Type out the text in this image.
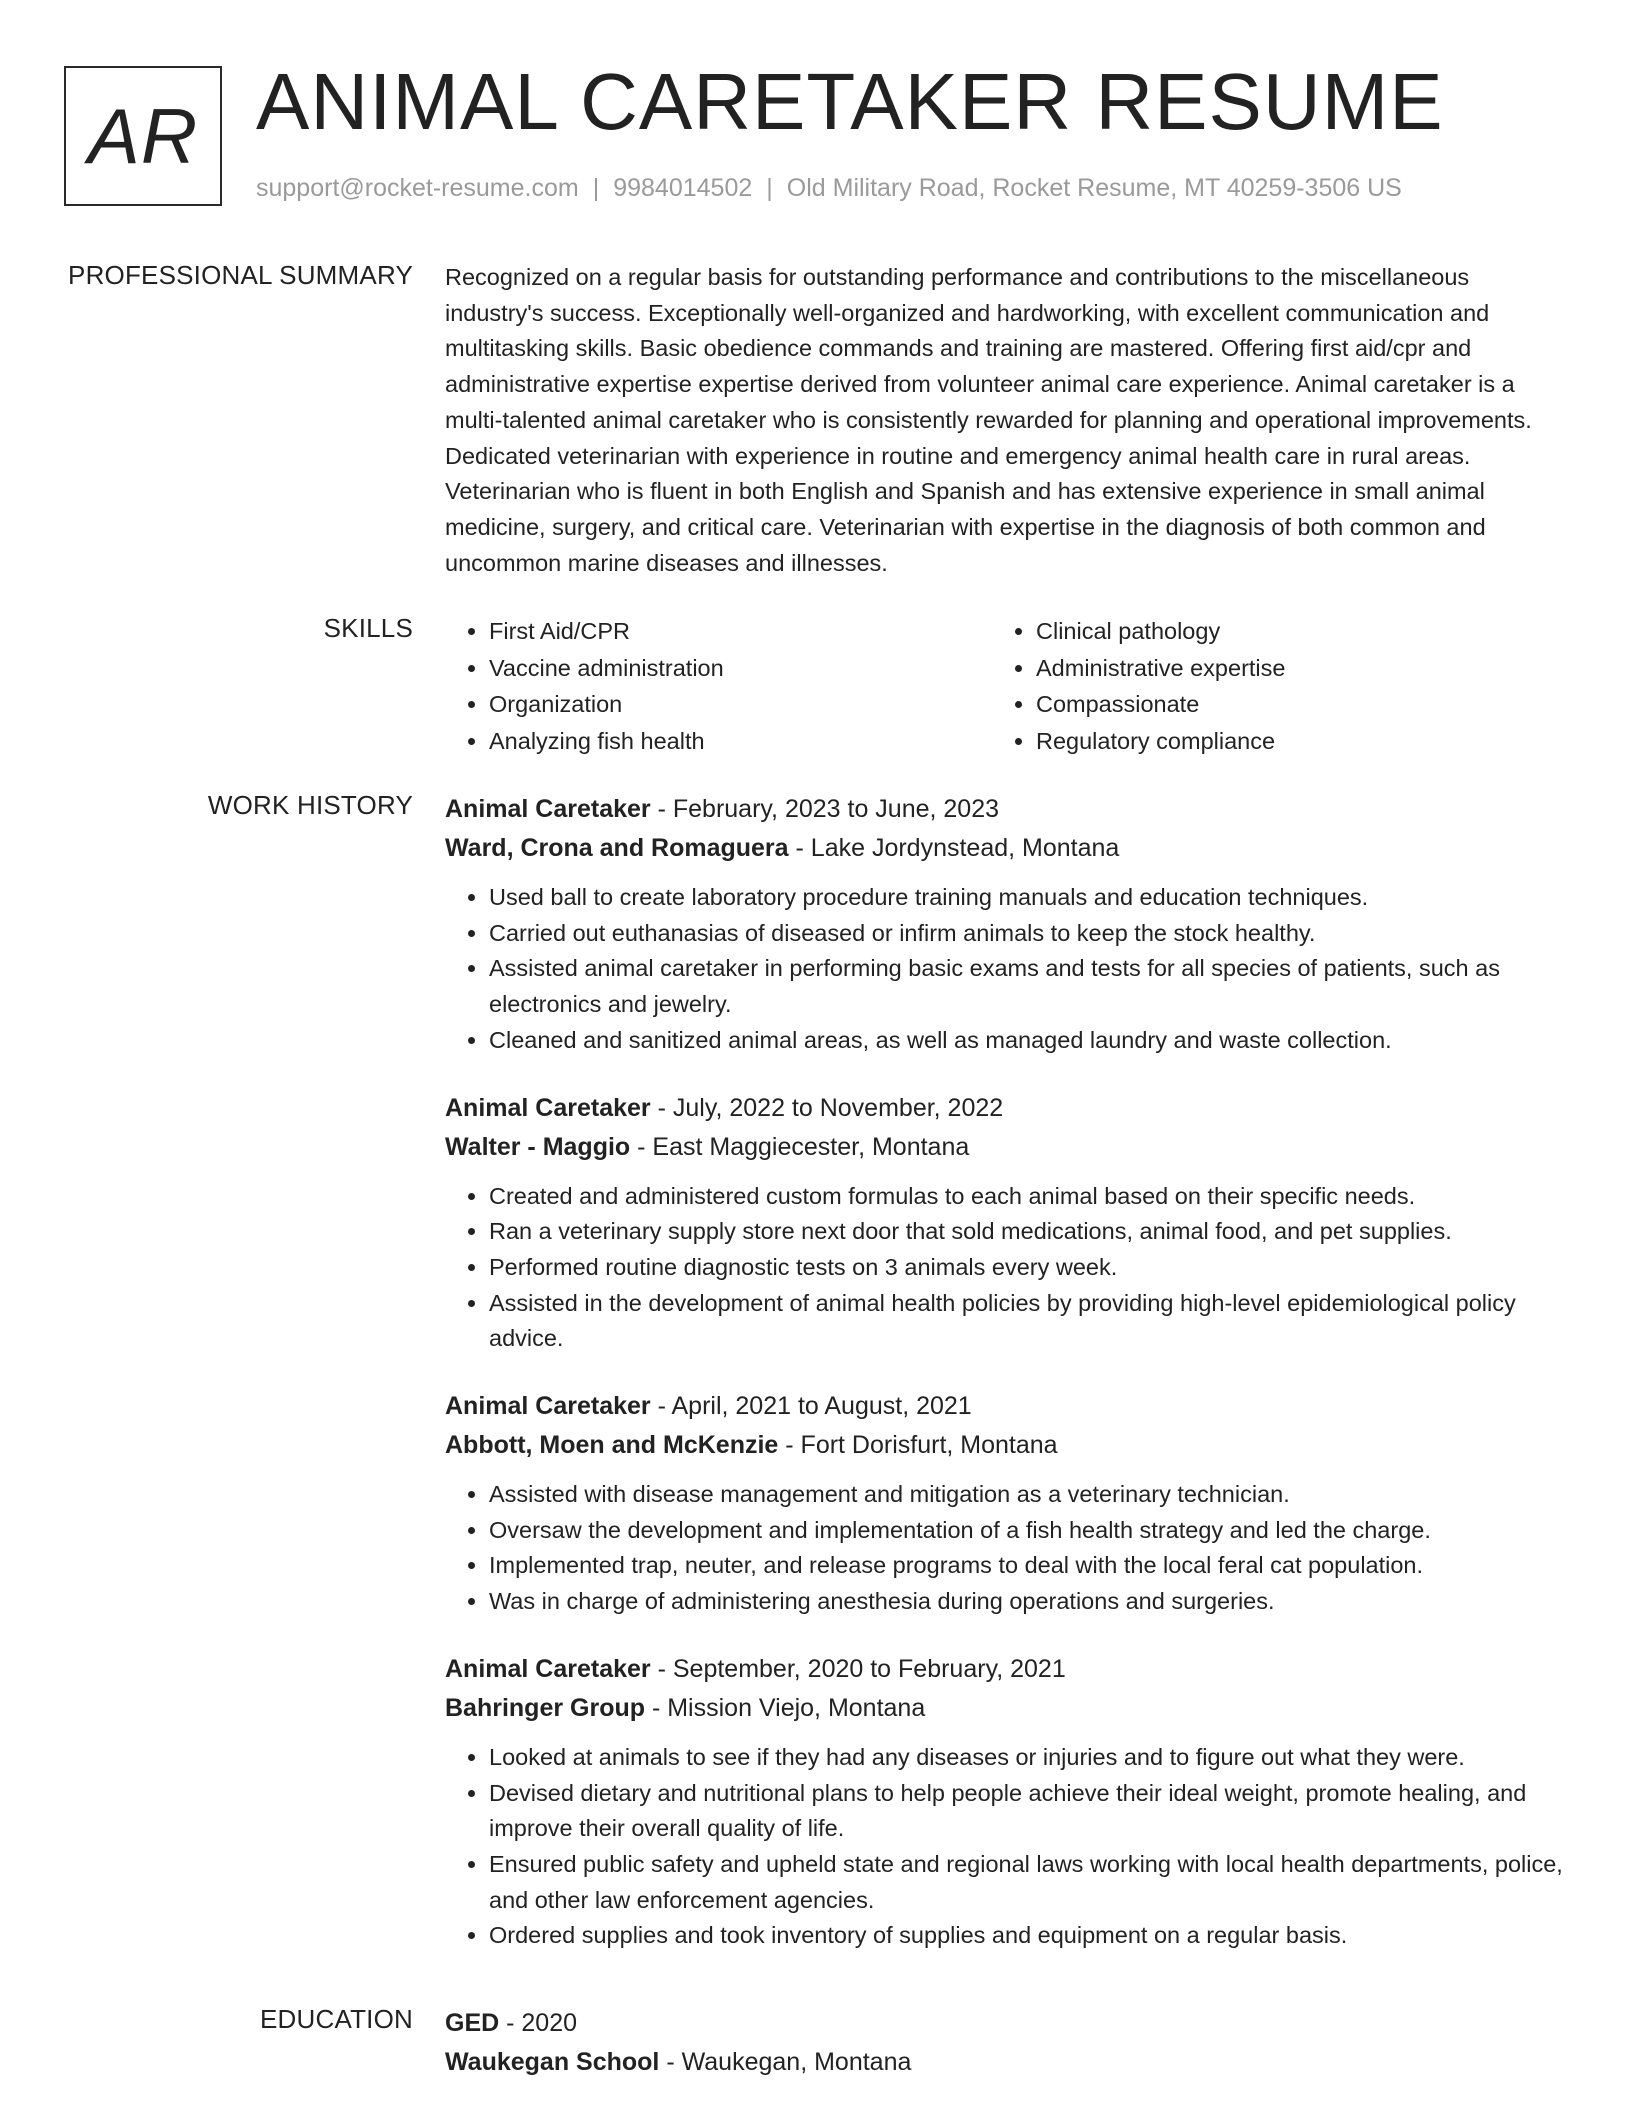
AR ANIMAL CARETAKER RESUME
support@rocket-resume.com | 9984014502 | Old Military Road, Rocket Resume, MT 40259-3506 US
PROFESSIONAL SUMMARY Recognized on a regular basis for outstanding performance and contributions to the miscellaneous industry's success. Exceptionally well-organized and hardworking, with excellent communication and multitasking skills. Basic obedience commands and training are mastered. Offering first aid/cpr and administrative expertise expertise derived from volunteer animal care experience. Animal caretaker is a multi-talented animal caretaker who is consistently rewarded for planning and operational improvements. Dedicated veterinarian with experience in routine and emergency animal health care in rural areas. Veterinarian who is fluent in both English and Spanish and has extensive experience in small animal medicine, surgery, and critical care. Veterinarian with expertise in the diagnosis of both common and uncommon marine diseases and illnesses.

SKILLS
•	First Aid/CPR
• Vaccine administration
• Organization
• Analyzing fish health
• Clinical pathology
• Administrative expertise
• Compassionate
• Regulatory compliance
WORK HISTORY Animal Caretaker - February, 2023 to June, 2023
Ward, Crona and Romaguera - Lake Jordynstead, Montana
• Used ball to create laboratory procedure training manuals and education techniques.
• Carried out euthanasias of diseased or infirm animals to keep the stock healthy.
• Assisted animal caretaker in performing basic exams and tests for all species of patients, such as electronics and jewelry.
• Cleaned and sanitized animal areas, as well as managed laundry and waste collection.
Animal Caretaker - July, 2022 to November, 2022
Walter - Maggio - East Maggiecester, Montana
• Created and administered custom formulas to each animal based on their specific needs.
• Ran a veterinary supply store next door that sold medications, animal food, and pet supplies.
• Performed routine diagnostic tests on 3 animals every week.
• Assisted in the development of animal health policies by providing high-level epidemiological policy advice.
Animal Caretaker - April, 2021 to August, 2021
Abbott, Moen and McKenzie - Fort Dorisfurt, Montana
• Assisted with disease management and mitigation as a veterinary technician.
• Oversaw the development and implementation of a fish health strategy and led the charge.
• Implemented trap, neuter, and release programs to deal with the local feral cat population.
• Was in charge of administering anesthesia during operations and surgeries.
Animal Caretaker - September, 2020 to February, 2021
Bahringer Group - Mission Viejo, Montana
• Looked at animals to see if they had any diseases or injuries and to figure out what they were.
• Devised dietary and nutritional plans to help people achieve their ideal weight, promote healing, and improve their overall quality of life.
• Ensured public safety and upheld state and regional laws working with local health departments, police, and other law enforcement agencies.
• Ordered supplies and took inventory of supplies and equipment on a regular basis.
EDUCATION GED - 2020
Waukegan School - Waukegan, Montana
